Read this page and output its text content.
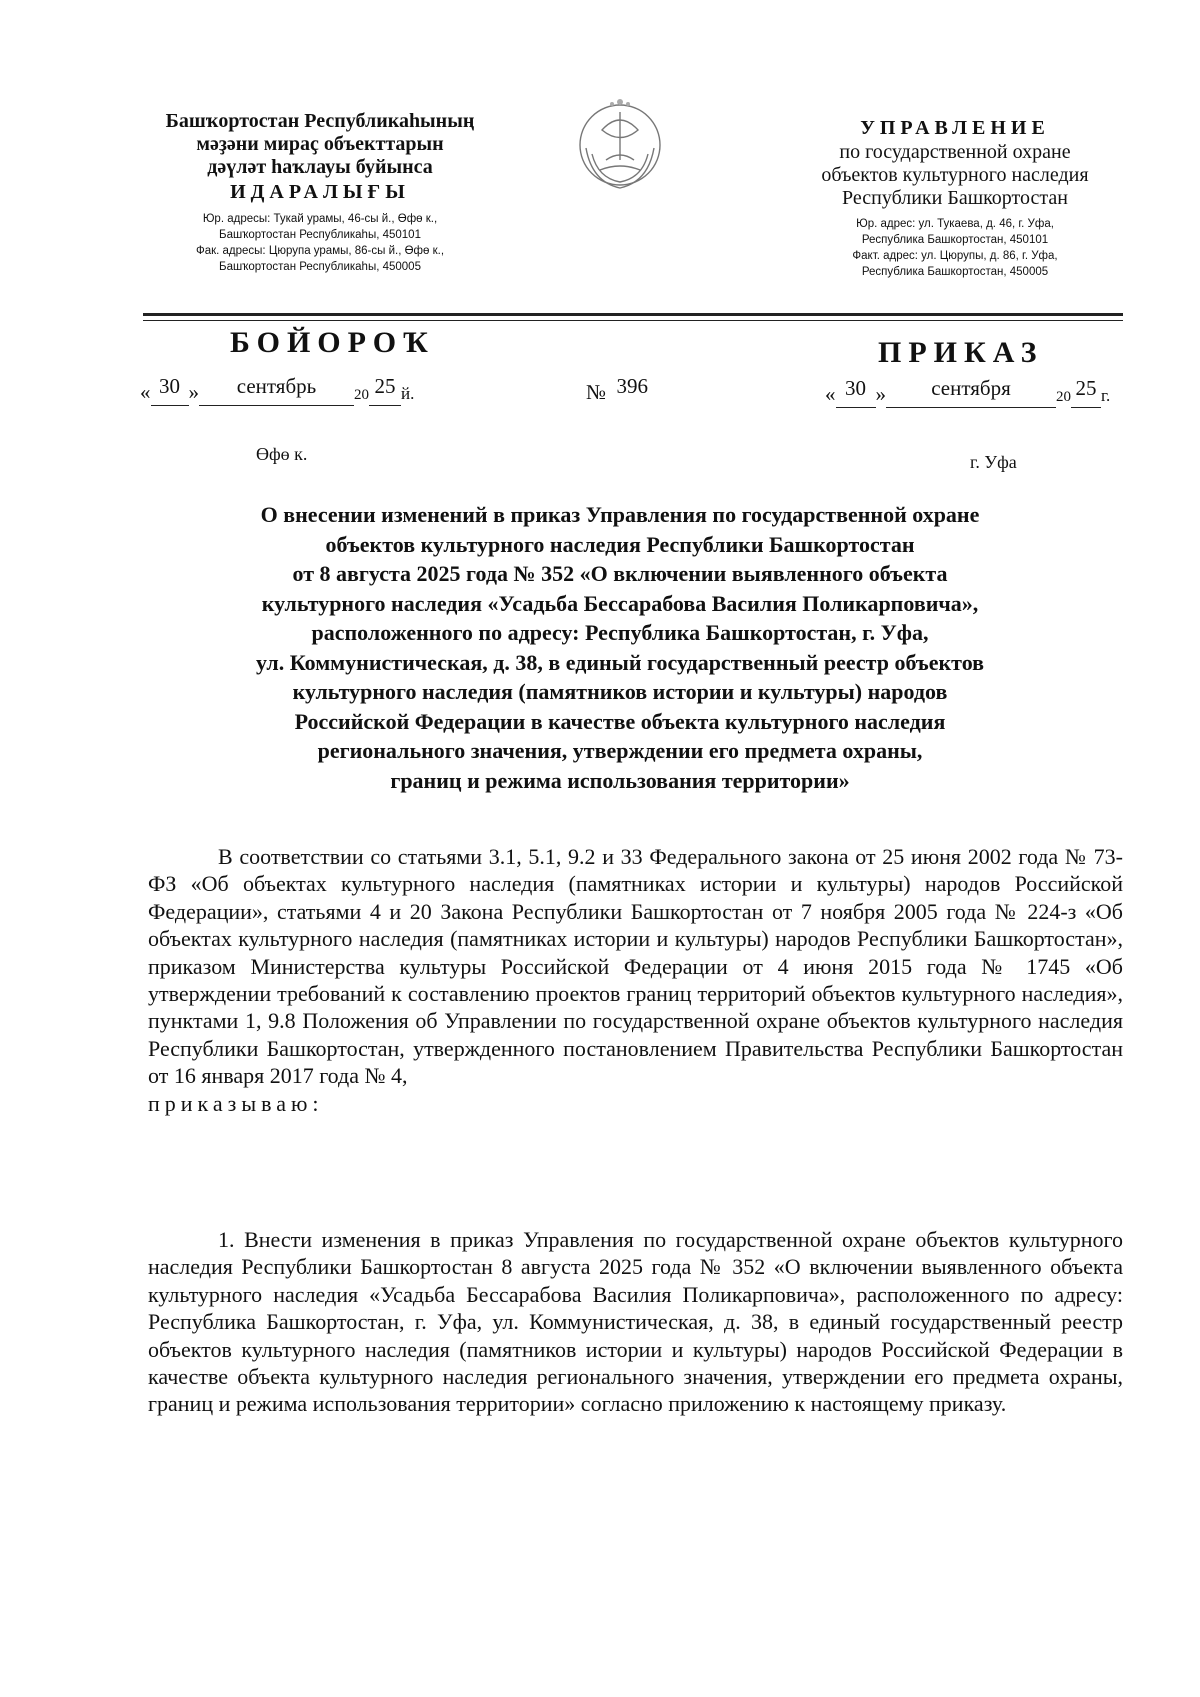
Башҡортостан Республикаһының
мәҙәни мираҫ объекттарын
дәүләт һаҡлауы буйынса
ИДАРАЛЫҒЫ
Юр. адресы: Тукай урамы, 46-сы й., Өфө к.,
Башҡортостан Республикаһы, 450101
Фак. адресы: Цюрупа урамы, 86-сы й., Өфө к.,
Башҡортостан Республикаһы, 450005
УПРАВЛЕНИЕ
по государственной охране
объектов культурного наследия
Республики Башкортостан
Юр. адрес: ул. Тукаева, д. 46, г. Уфа,
Республика Башкортостан, 450101
Факт. адрес: ул. Цюрупы, д. 86, г. Уфа,
Республика Башкортостан, 450005
БОЙОРОҠ	ПРИКАЗ
« 30 » сентябрь	20 25 й.	№ 396	« 30 » сентября	20 25 г.
Өфө к.	г. Уфа
О внесении изменений в приказ Управления по государственной охране
объектов культурного наследия Республики Башкортостан
от 8 августа 2025 года № 352 «О включении выявленного объекта
культурного наследия «Усадьба Бессарабова Василия Поликарповича»,
расположенного по адресу: Республика Башкортостан, г. Уфа,
ул. Коммунистическая, д. 38, в единый государственный реестр объектов
культурного наследия (памятников истории и культуры) народов
Российской Федерации в качестве объекта культурного наследия
регионального значения, утверждении его предмета охраны,
границ и режима использования территории»

В соответствии со статьями 3.1, 5.1, 9.2 и 33 Федерального закона от 25 июня 2002 года № 73-ФЗ «Об объектах культурного наследия (памятниках истории и культуры) народов Российской Федерации», статьями 4 и 20 Закона Республики Башкортостан от 7 ноября 2005 года № 224-з «Об объектах культурного наследия (памятниках истории и культуры) народов Республики Башкортостан», приказом Министерства культуры Российской Федерации от 4 июня 2015 года № 1745 «Об утверждении требований к составлению проектов границ территорий объектов культурного наследия», пунктами 1, 9.8 Положения об Управлении по государственной охране объектов культурного наследия Республики Башкортостан, утвержденного постановлением Правительства Республики Башкортостан от 16 января 2017 года № 4,

приказываю:

1. Внести изменения в приказ Управления по государственной охране объектов культурного наследия Республики Башкортостан 8 августа 2025 года № 352 «О включении выявленного объекта культурного наследия «Усадьба Бессарабова Василия Поликарповича», расположенного по адресу: Республика Башкортостан, г. Уфа, ул. Коммунистическая, д. 38, в единый государственный реестр объектов культурного наследия (памятников истории и культуры) народов Российской Федерации в качестве объекта культурного наследия регионального значения, утверждении его предмета охраны, границ и режима использования территории» согласно приложению к настоящему приказу.
